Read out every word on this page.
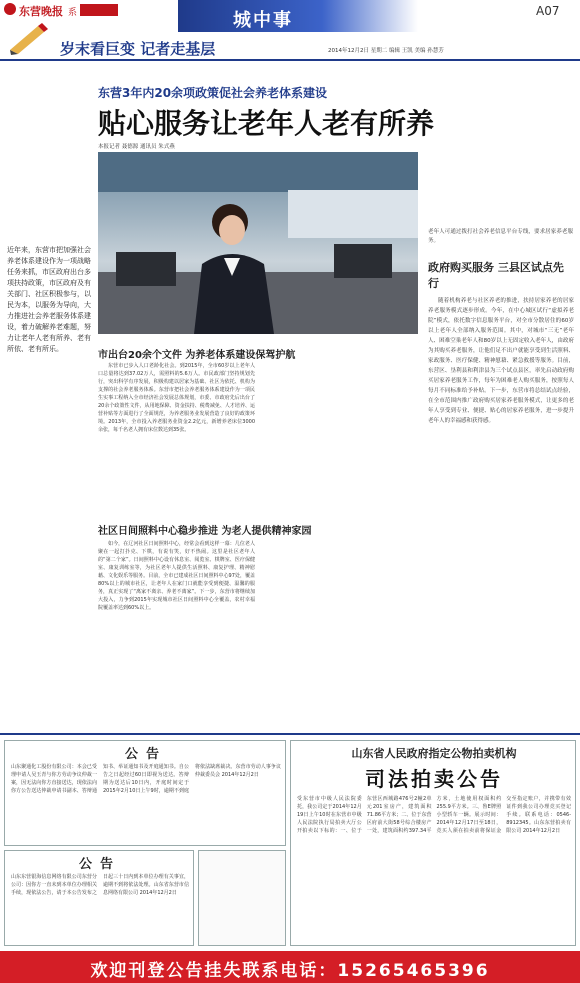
东营晚报 系	城中事	A07
岁末看巨变 记者走基层	2014年12月2日 星期二 编辑 王凯 美编 孙慧芳
东营3年内20余项政策促社会养老体系建设
贴心服务让老年人老有所养
本报记者 聂德源 通讯员 朱式燕
近年来，东营市把加强社会养老体系建设作为一项战略任务来抓，市区政府出台多项扶持政策，市区政府及有关部门、社区积极参与，以民为本，以服务为导向，大力推进社会养老服务体系建设，着力破解养老难题，努力让老年人老有所养、老有所依、老有所乐。
老年人可通过拨打社会养老信息平台专线，要求居家养老服务。
政府购买服务 三县区试点先行

随着机构养老与社区养老的推进，扶持居家养老的居家养老服务模式逐步形成。今年，在中心城区试行“虚拟养老院”模式，依托数字信息服务平台，对全市分散居住的60岁以上老年人全部纳入服务范围。其中，对城市“三无”老年人、困难空巢老年人和80岁以上无固定收入老年人，由政府为其购买养老服务，让他们足不出户就能享受到生活照料、家政服务、医疗保健、精神慰藉、紧急救援等服务。目前，东营区、垦利县和利津县为三个试点县区，率先启动政府购买居家养老服务工作，每年为困难老人购买服务，按照每人每月不同标准给予补贴。下一步，东营市将总结试点经验，在全市范围内推广政府购买居家养老服务模式，让更多的老年人享受到专业、便捷、贴心的居家养老服务，进一步提升老年人的幸福感和获得感。

市出台20余个文件 为养老体系建设保驾护航

东营市已步入人口老龄化社会。到2015年，全市60岁以上老年人口总量将达到37.02万人，需照料的5.6万人。市民政部门坚持规划先行，突出科学有序发展，积极构建以居家为基础、社区为依托、机构为支撑的社会养老服务体系。东营市把社会养老服务体系建设作为一项民生实事工程纳入全市经济社会发展总体规划，市委、市政府先后出台了20余个政策性文件，从用地保障、资金扶持、税费减免、人才培养、运营补贴等方面进行了全面规范，为养老服务业发展营造了良好的政策环境。2013年，全市投入养老服务业资金2.2亿元，新增养老床位3000余张，每千名老人拥有床位数达到35张。

社区日间照料中心稳步推进 为老人提供精神家园

如今，在辽河社区日间照料中心，经常会看到这样一幕：几位老人聚在一起打扑克、下棋，有说有笑，好不热闹。这里是社区老年人的“第二个家”。日间照料中心设有休息室、阅览室、棋牌室、医疗保健室、康复训练室等，为社区老年人提供生活照料、康复护理、精神慰藉、文化娱乐等服务。目前，全市已建成社区日间照料中心97处，覆盖80%以上的城市社区，让老年人在家门口就能享受到便捷、温馨的服务，真正实现了“离家不离亲、养老不离家”。下一步，东营市将继续加大投入，力争到2015年实现城市社区日间照料中心全覆盖，农村幸福院覆盖率达到60%以上。

公告
山东聚通化工股份有限公司：本会已受理申请人吴玉青与你方劳动争议仲裁一案，因无法向你方直接送达，现依法向你方公告送达仲裁申请书副本、答辩通知书、举证通知书及开庭通知书。自公告之日起经过60日即视为送达。答辩期为送达后10日内，开庭时间定于2015年2月10日上午9时，逾期不到庭将依法缺席裁决。东营市劳动人事争议仲裁委员会 2014年12月2日
公告
山东东营银海信息网络有限公司东营分公司：因你方一直未到本单位办理相关手续，现依法公告，请于本公告发布之日起三十日内到本单位办理有关事宜，逾期不到将依法处理。山东省东营市信息网络有限公司 2014年12月2日
山东省人民政府指定公物拍卖机构
司法拍卖公告
受东营市中级人民法院委托，我公司定于2014年12月19日上午10时在东营市中级人民法院执行局拍卖大厅公开拍卖以下标的：一、位于东营区西城路476号2幢2单元201室房产，建筑面积71.86平方米；二、位于东营区府前大街58号综合楼房产一处，建筑面积约397.34平方米，土地使用权面积约255.9平方米。三、鲁E牌照小型轿车一辆。展示时间：2014年12月17日至18日，竞买人须在拍卖前将保证金交至指定账户，并携带有效证件到我公司办理竞买登记手续。联系电话：0546-8912345。山东东营拍卖有限公司 2014年12月2日
欢迎刊登公告挂失联系电话：15265465396
